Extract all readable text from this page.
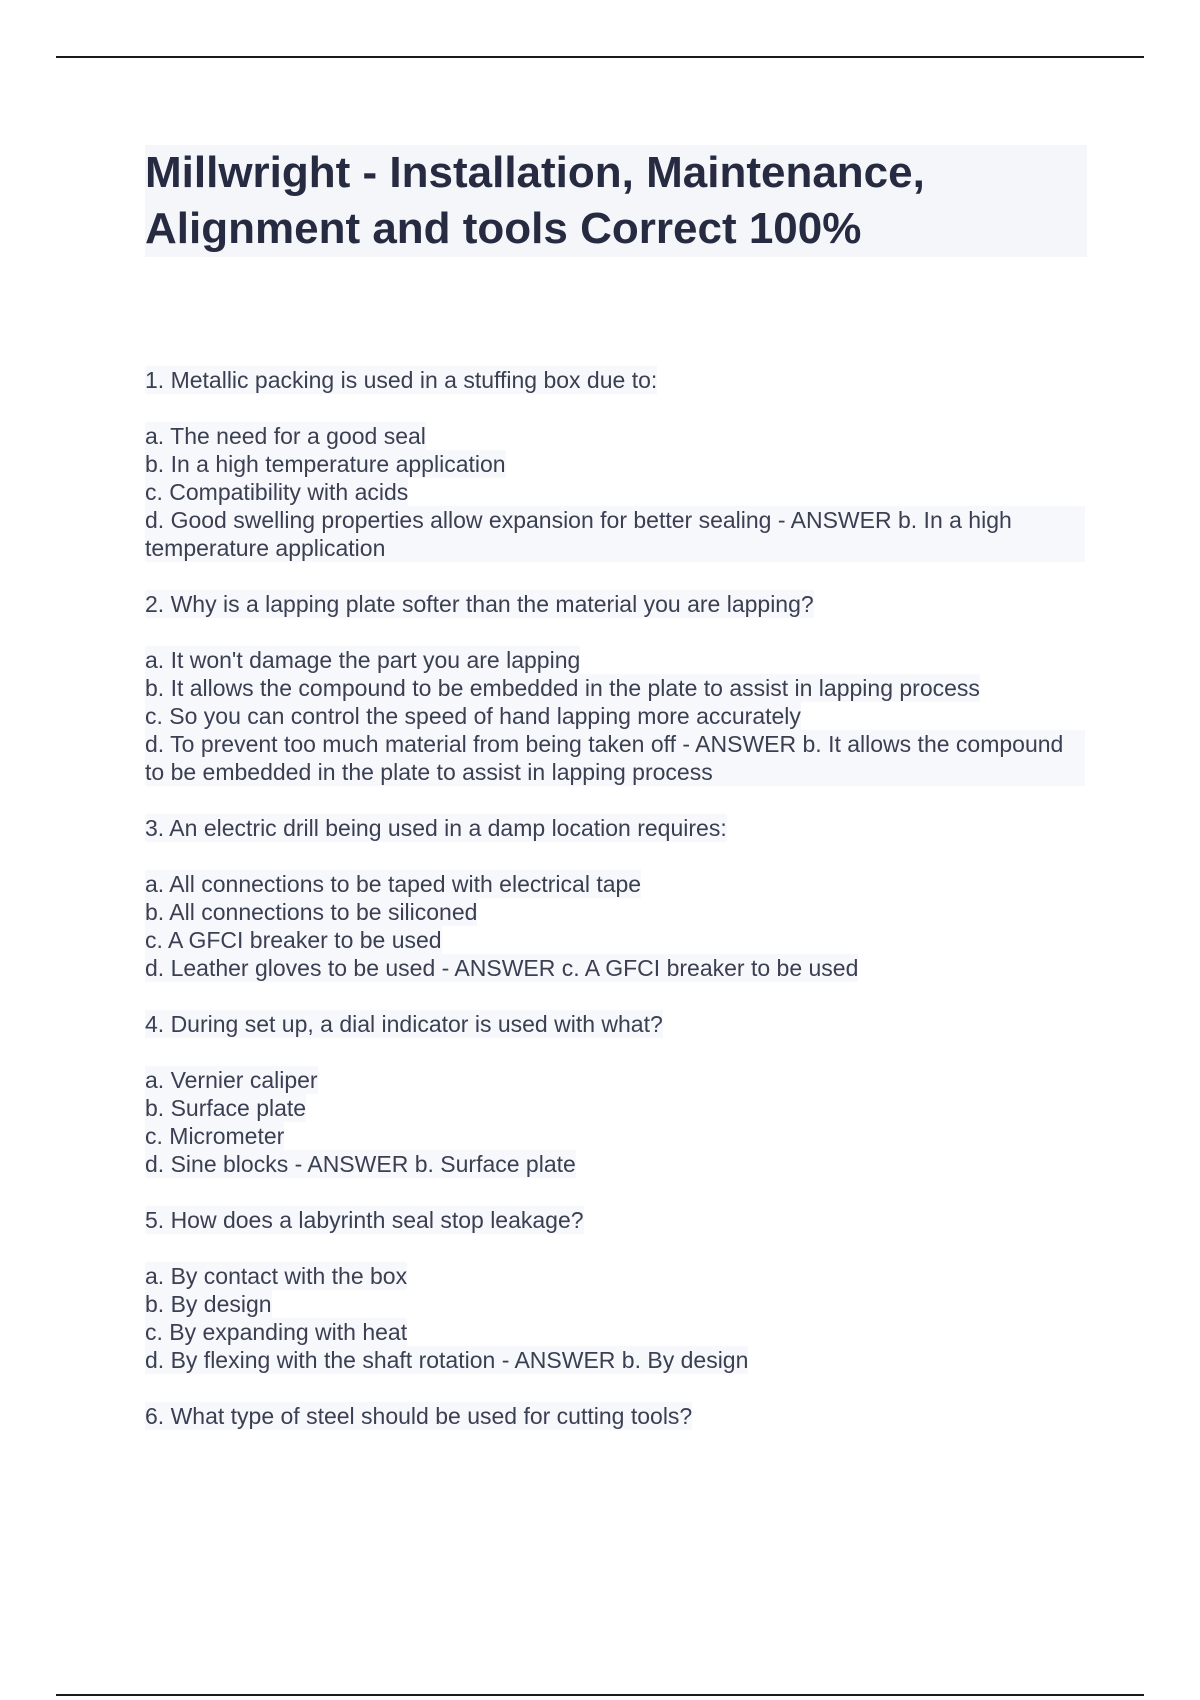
Millwright - Installation, Maintenance,
Alignment and tools Correct 100%
1. Metallic packing is used in a stuffing box due to:
a. The need for a good seal
b. In a high temperature application
c. Compatibility with acids
d. Good swelling properties allow expansion for better sealing - ANSWER b. In a high temperature application
2. Why is a lapping plate softer than the material you are lapping?
a. It won't damage the part you are lapping
b. It allows the compound to be embedded in the plate to assist in lapping process
c. So you can control the speed of hand lapping more accurately
d. To prevent too much material from being taken off - ANSWER b. It allows the compound to be embedded in the plate to assist in lapping process
3. An electric drill being used in a damp location requires:
a. All connections to be taped with electrical tape
b. All connections to be siliconed
c. A GFCI breaker to be used
d. Leather gloves to be used - ANSWER c. A GFCI breaker to be used
4. During set up, a dial indicator is used with what?
a. Vernier caliper
b. Surface plate
c. Micrometer
d. Sine blocks - ANSWER b. Surface plate
5. How does a labyrinth seal stop leakage?
a. By contact with the box
b. By design
c. By expanding with heat
d. By flexing with the shaft rotation - ANSWER b. By design
6. What type of steel should be used for cutting tools?
